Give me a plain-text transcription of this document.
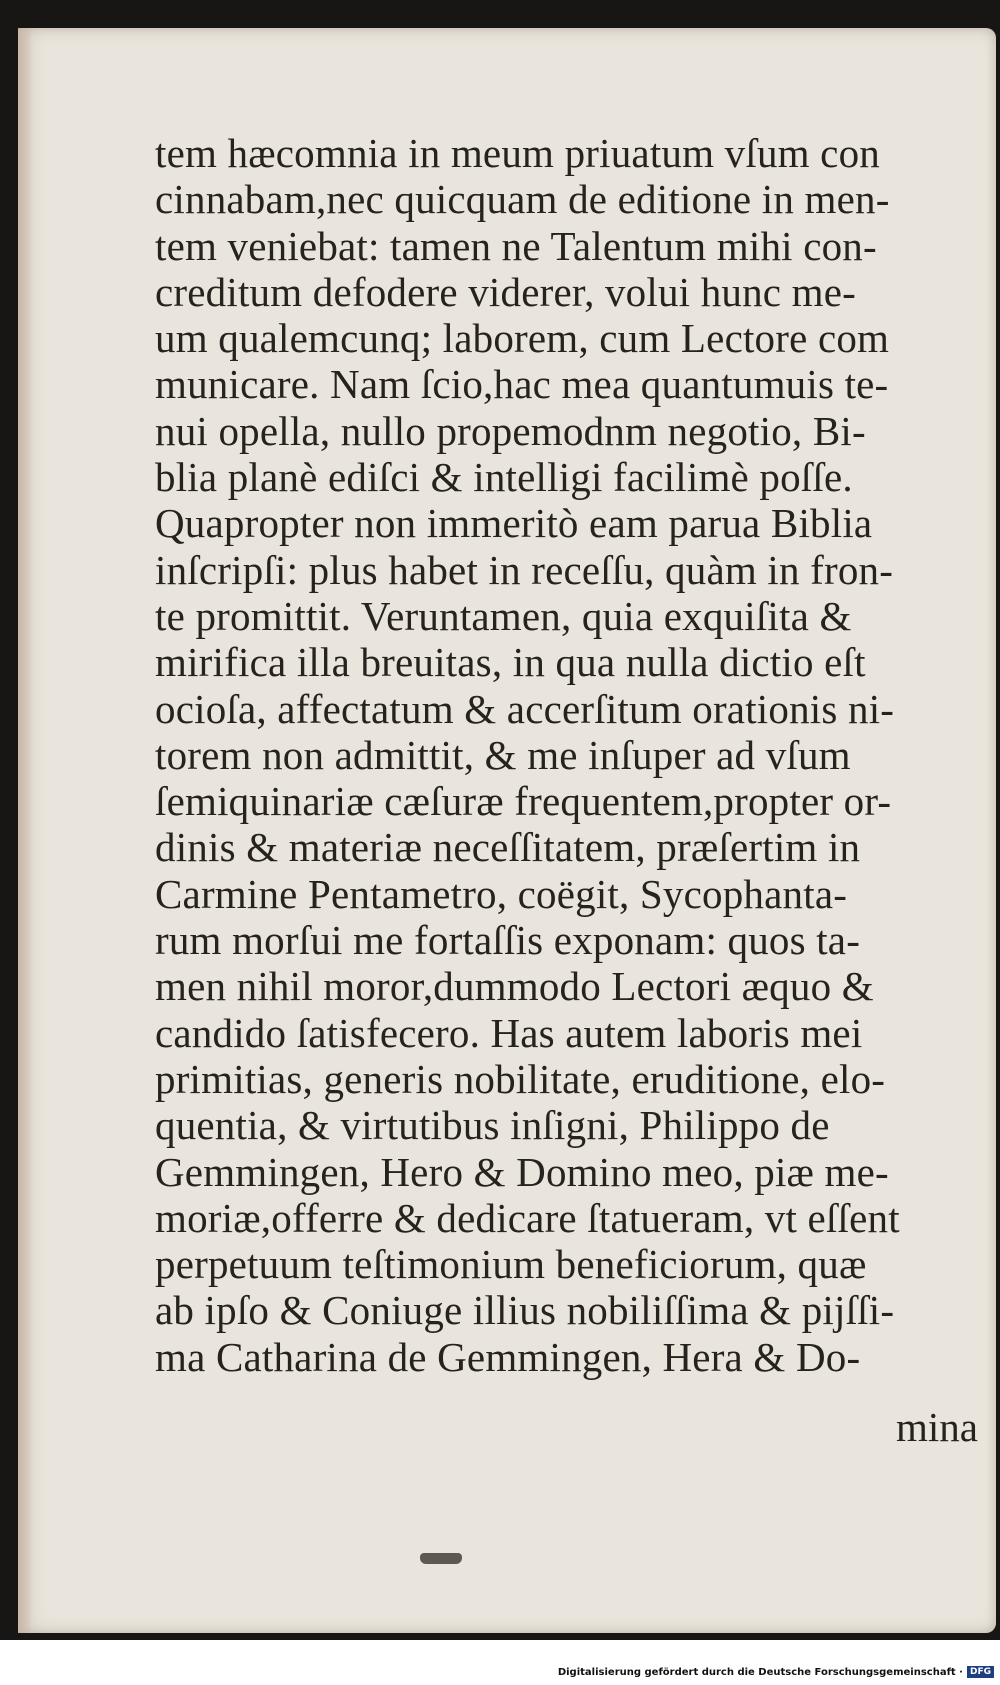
tem hæcomnia in meum priuatum vſum con
cinnabam,nec quicquam de editione in men-
tem veniebat: tamen ne Talentum mihi con-
creditum defodere viderer, volui hunc me-
um qualemcunq; laborem, cum Lectore com
municare. Nam ſcio,hac mea quantumuis te-
nui opella, nullo propemodnm negotio, Bi-
blia planè ediſci & intelligi facilimè poſſe.
Quapropter non immeritò eam parua Biblia
inſcripſi: plus habet in receſſu, quàm in fron-
te promittit. Veruntamen, quia exquiſita &
mirifica illa breuitas, in qua nulla dictio eſt
ocioſa, affectatum & accerſitum orationis ni-
torem non admittit, & me inſuper ad vſum
ſemiquinariæ cæſuræ frequentem,propter or-
dinis & materiæ neceſſitatem, præſertim in
Carmine Pentametro, coëgit, Sycophanta-
rum morſui me fortaſſis exponam: quos ta-
men nihil moror,dummodo Lectori æquo &
candido ſatisfecero. Has autem laboris mei
primitias, generis nobilitate, eruditione, elo-
quentia, & virtutibus inſigni, Philippo de
Gemmingen, Hero & Domino meo, piæ me-
moriæ,offerre & dedicare ſtatueram, vt eſſent
perpetuum teſtimonium beneficiorum, quæ
ab ipſo & Coniuge illius nobiliſſima & pijſſi-
ma Catharina de Gemmingen, Hera & Do-
mina
Digitalisierung gefördert durch die Deutsche Forschungsgemeinschaft · DFG
